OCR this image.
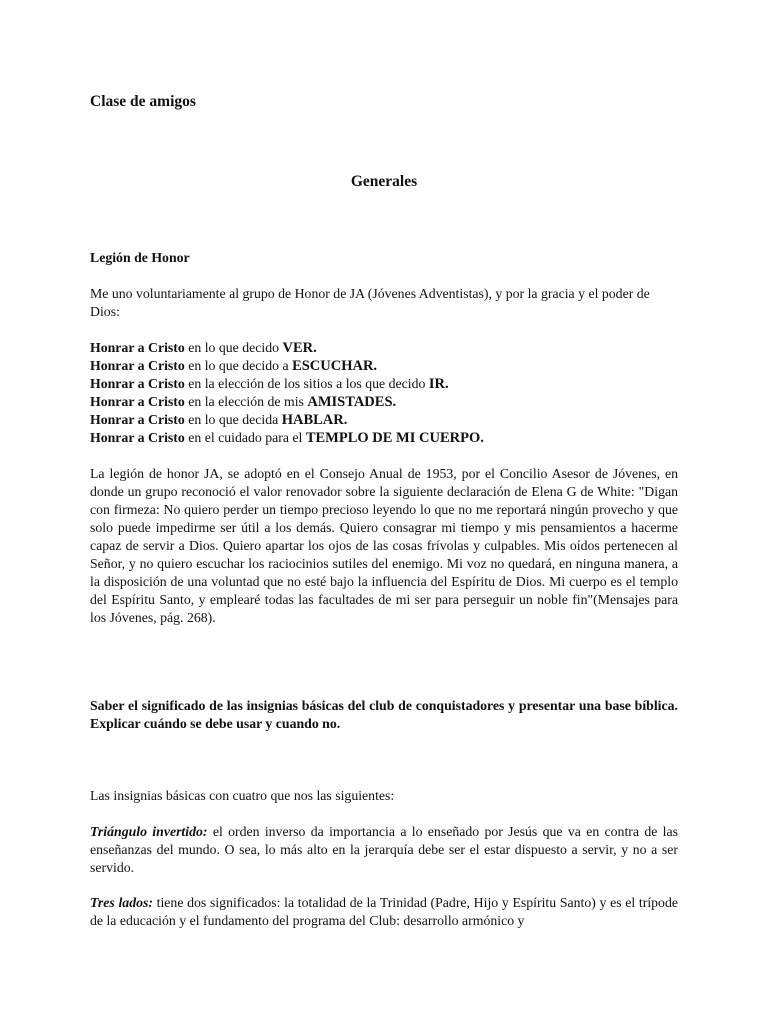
Clase de amigos
Generales

Legión de Honor

Me uno voluntariamente al grupo de Honor de JA (Jóvenes Adventistas), y por la gracia y el poder de Dios:

Honrar a Cristo en lo que decido VER.
Honrar a Cristo en lo que decido a ESCUCHAR.
Honrar a Cristo en la elección de los sitios a los que decido IR.
Honrar a Cristo en la elección de mis AMISTADES.
Honrar a Cristo en lo que decida HABLAR.
Honrar a Cristo en el cuidado para el TEMPLO DE MI CUERPO.

La legión de honor JA, se adoptó en el Consejo Anual de 1953, por el Concilio Asesor de Jóvenes, en donde un grupo reconoció el valor renovador sobre la siguiente declaración de Elena G de White: "Digan con firmeza: No quiero perder un tiempo precioso leyendo lo que no me reportará ningún provecho y que solo puede impedirme ser útil a los demás. Quiero consagrar mi tiempo y mis pensamientos a hacerme capaz de servir a Dios. Quiero apartar los ojos de las cosas frívolas y culpables. Mis oídos pertenecen al Señor, y no quiero escuchar los raciocinios sutiles del enemigo. Mi voz no quedará, en ninguna manera, a la disposición de una voluntad que no esté bajo la influencia del Espíritu de Dios. Mi cuerpo es el templo del Espíritu Santo, y emplearé todas las facultades de mi ser para perseguir un noble fin"(Mensajes para los Jóvenes, pág. 268).

Saber el significado de las insignias básicas del club de conquistadores y presentar una base bíblica. Explicar cuándo se debe usar y cuando no.

Las insignias básicas con cuatro que nos las siguientes:

Triángulo invertido: el orden inverso da importancia a lo enseñado por Jesús que va en contra de las enseñanzas del mundo. O sea, lo más alto en la jerarquía debe ser el estar dispuesto a servir, y no a ser servido.

Tres lados: tiene dos significados: la totalidad de la Trinidad (Padre, Hijo y Espíritu Santo) y es el trípode de la educación y el fundamento del programa del Club: desarrollo armónico y
